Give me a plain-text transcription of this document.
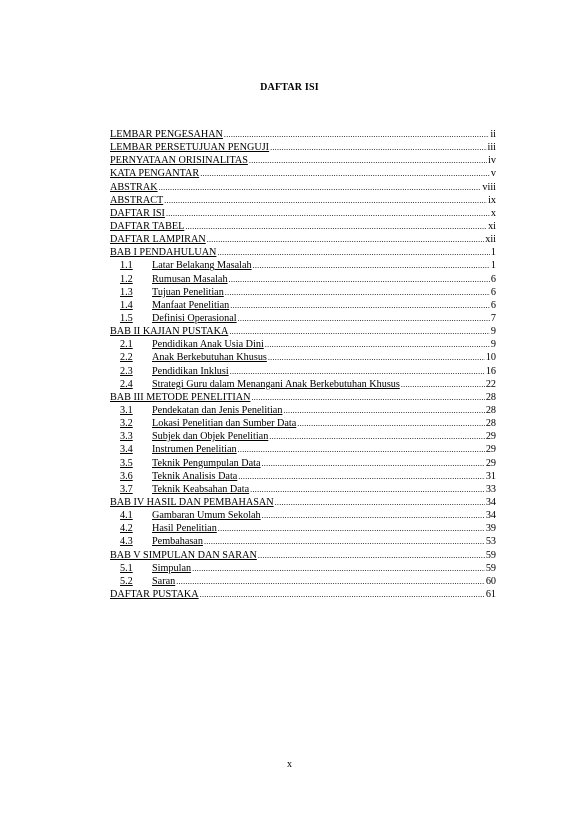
DAFTAR ISI
LEMBAR PENGESAHAN .....	ii
LEMBAR PERSETUJUAN PENGUJI .....	iii
PERNYATAAN ORISINALITAS .....	iv
KATA PENGANTAR .....	v
ABSTRAK .....	viii
ABSTRACT .....	ix
DAFTAR ISI .....	x
DAFTAR TABEL .....	xi
DAFTAR LAMPIRAN .....	xii
BAB I PENDAHULUAN .....	1
1.1	Latar Belakang Masalah .....	1
1.2	Rumusan Masalah .....	6
1.3	Tujuan Penelitian .....	6
1.4	Manfaat Penelitian .....	6
1.5	Definisi Operasional .....	7
BAB II KAJIAN PUSTAKA .....	9
2.1	Pendidikan Anak Usia Dini .....	9
2.2	Anak Berkebutuhan Khusus .....	10
2.3	Pendidikan Inklusi .....	16
2.4	Strategi Guru dalam Menangani Anak Berkebutuhan Khusus .....	22
BAB III METODE PENELITIAN .....	28
3.1	Pendekatan dan Jenis Penelitian .....	28
3.2	Lokasi Penelitian dan Sumber Data .....	28
3.3	Subjek dan Objek Penelitian .....	29
3.4	Instrumen Penelitian .....	29
3.5	Teknik Pengumpulan Data .....	29
3.6	Teknik Analisis Data .....	31
3.7	Teknik Keabsahan Data .....	33
BAB IV HASIL DAN PEMBAHASAN .....	34
4.1	Gambaran Umum Sekolah .....	34
4.2	Hasil Penelitian .....	39
4.3	Pembahasan .....	53
BAB V SIMPULAN DAN SARAN .....	59
5.1	Simpulan .....	59
5.2	Saran .....	60
DAFTAR PUSTAKA .....	61
x
